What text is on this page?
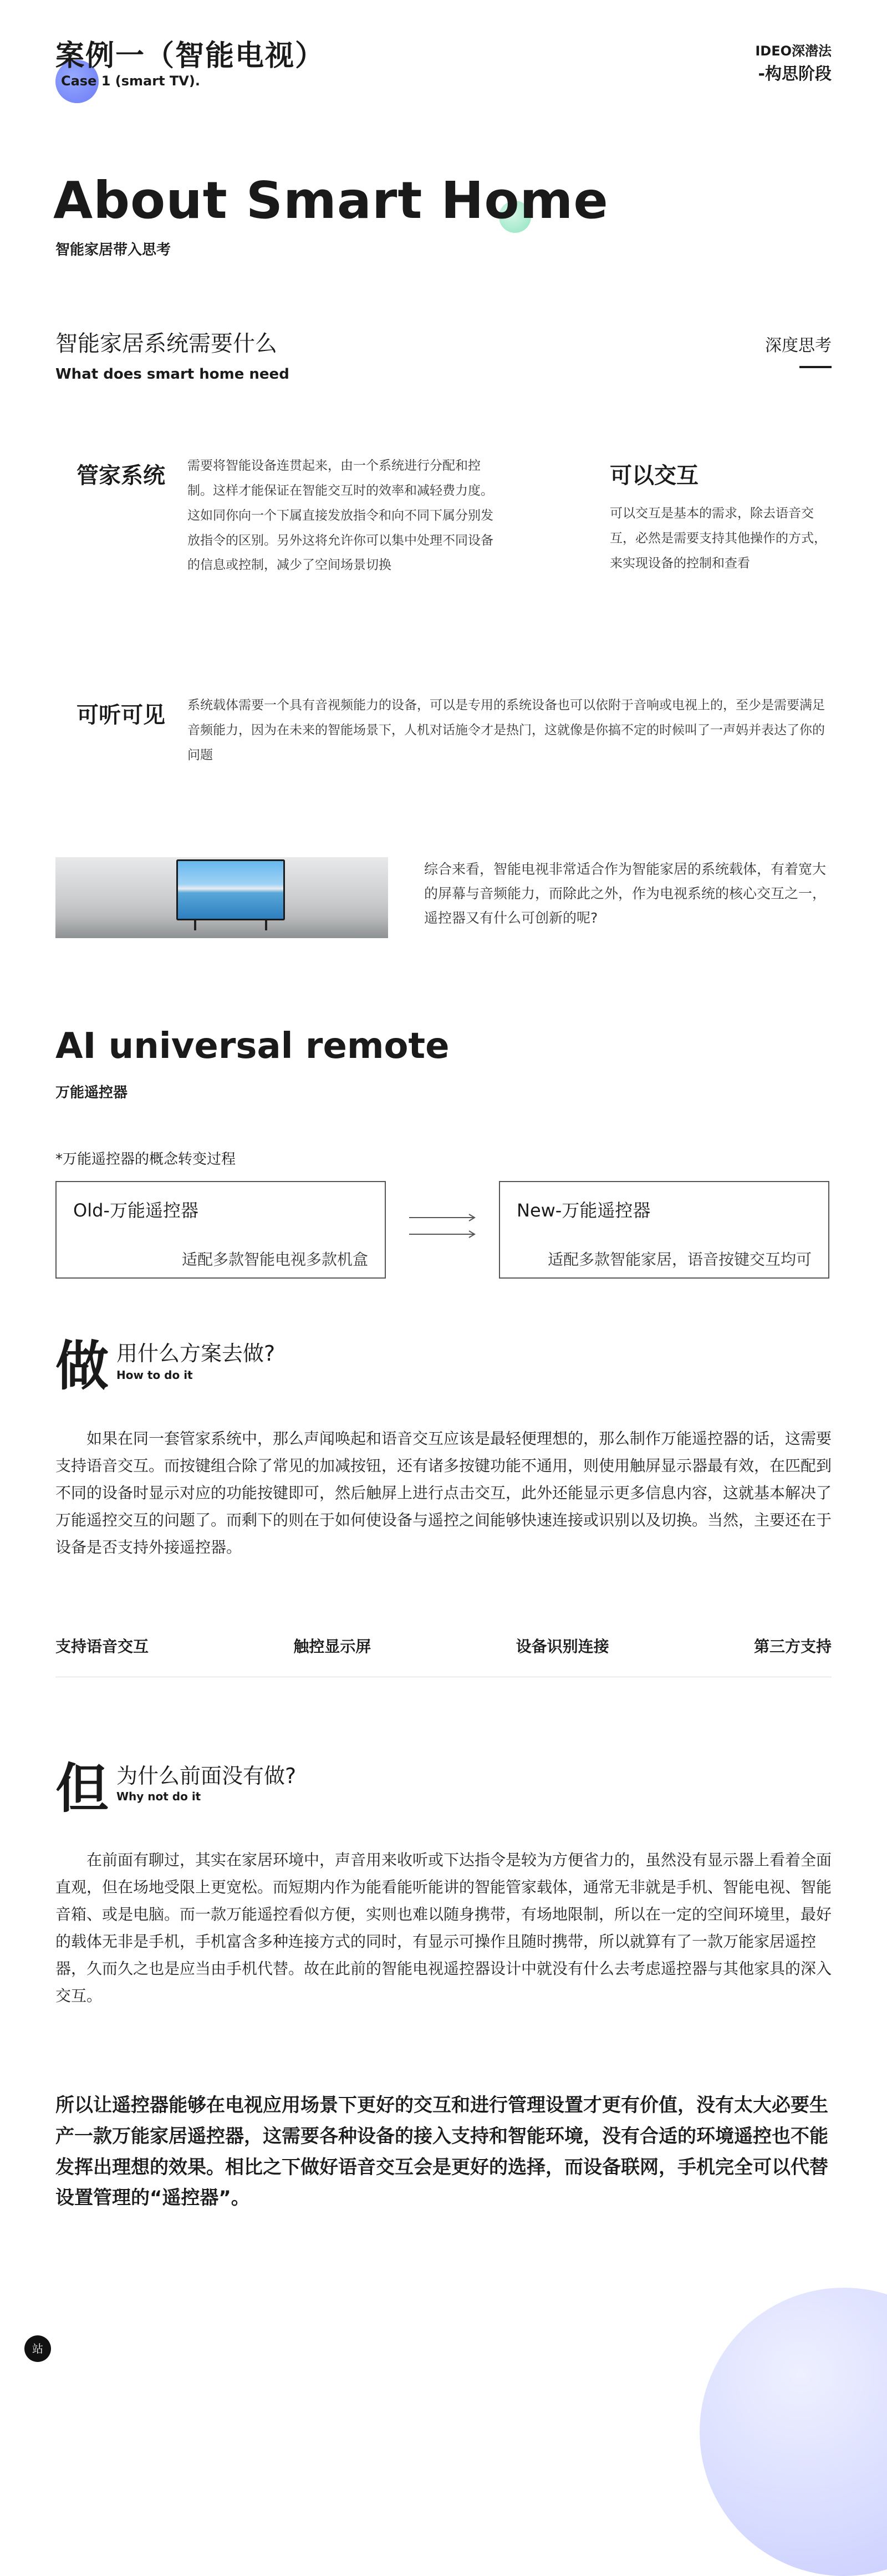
案例一（智能电视）
Case 1 (smart TV).
IDEO深潜法
-构思阶段
About Smart Home
智能家居带入思考
智能家居系统需要什么
What does smart home need
深度思考
管家系统 需要将智能设备连贯起来，由一个系统进行分配和控制。这样才能保证在智能交互时的效率和减轻费力度。这如同你向一个下属直接发放指令和向不同下属分别发放指令的区别。另外这将允许你可以集中处理不同设备的信息或控制，减少了空间场景切换
可以交互
可以交互是基本的需求，除去语音交互，必然是需要支持其他操作的方式，来实现设备的控制和查看
可听可见 系统载体需要一个具有音视频能力的设备，可以是专用的系统设备也可以依附于音响或电视上的，至少是需要满足音频能力，因为在未来的智能场景下，人机对话施令才是热门，这就像是你搞不定的时候叫了一声妈并表达了你的问题
综合来看，智能电视非常适合作为智能家居的系统载体，有着宽大的屏幕与音频能力，而除此之外，作为电视系统的核心交互之一，遥控器又有什么可创新的呢?
AI universal remote
万能遥控器
*万能遥控器的概念转变过程
Old-万能遥控器
适配多款智能电视多款机盒
New-万能遥控器
适配多款智能家居，语音按键交互均可
做 用什么方案去做?
How to do it
如果在同一套管家系统中，那么声闻唤起和语音交互应该是最轻便理想的，那么制作万能遥控器的话，这需要支持语音交互。而按键组合除了常见的加减按钮，还有诸多按键功能不通用，则使用触屏显示器最有效，在匹配到不同的设备时显示对应的功能按键即可，然后触屏上进行点击交互，此外还能显示更多信息内容，这就基本解决了万能遥控交互的问题了。而剩下的则在于如何使设备与遥控之间能够快速连接或识别以及切换。当然，主要还在于设备是否支持外接遥控器。
支持语音交互	触控显示屏	设备识别连接	第三方支持
但 为什么前面没有做?
Why not do it
在前面有聊过，其实在家居环境中，声音用来收听或下达指令是较为方便省力的，虽然没有显示器上看着全面直观，但在场地受限上更宽松。而短期内作为能看能听能讲的智能管家载体，通常无非就是手机、智能电视、智能音箱、或是电脑。而一款万能遥控看似方便，实则也难以随身携带，有场地限制，所以在一定的空间环境里，最好的载体无非是手机，手机富含多种连接方式的同时，有显示可操作且随时携带，所以就算有了一款万能家居遥控器，久而久之也是应当由手机代替。故在此前的智能电视遥控器设计中就没有什么去考虑遥控器与其他家具的深入交互。
所以让遥控器能够在电视应用场景下更好的交互和进行管理设置才更有价值，没有太大必要生产一款万能家居遥控器，这需要各种设备的接入支持和智能环境，没有合适的环境遥控也不能发挥出理想的效果。相比之下做好语音交互会是更好的选择，而设备联网，手机完全可以代替设置管理的“遥控器”。
站
